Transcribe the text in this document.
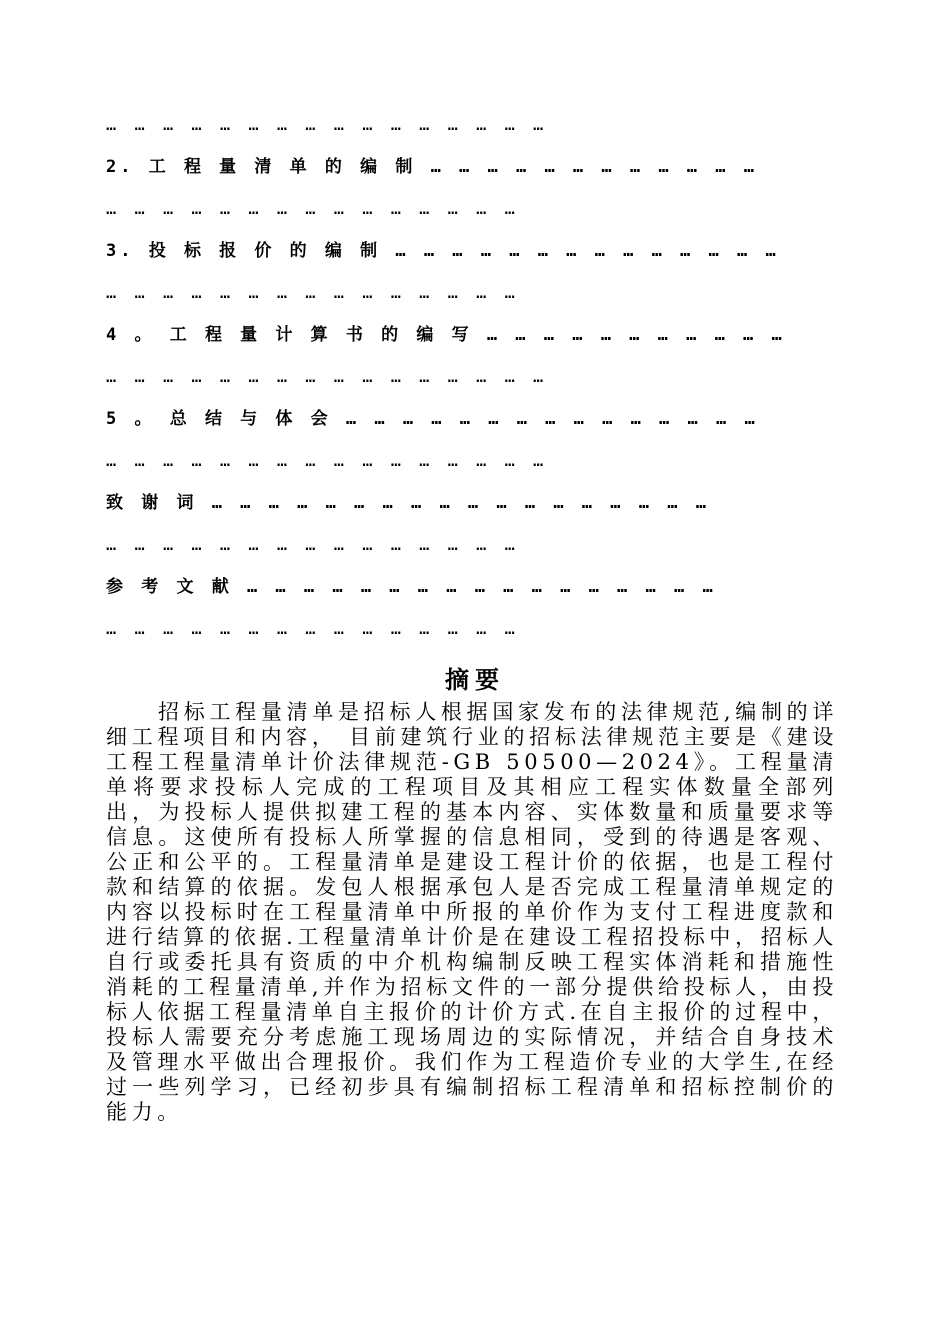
… … … … … … … … … … … … … … … …
2. 工 程 量 清 单 的 编 制 … … … … … … … … … … … …
… … … … … … … … … … … … … … …
3. 投 标 报 价 的 编 制 … … … … … … … … … … … … … …
… … … … … … … … … … … … … … …
4 。 工 程 量 计 算 书 的 编 写 … … … … … … … … … … …
… … … … … … … … … … … … … … … …
5 。 总 结 与 体 会 … … … … … … … … … … … … … … …
… … … … … … … … … … … … … … … …
致 谢 词 … … … … … … … … … … … … … … … … … …
… … … … … … … … … … … … … … …
参 考 文 献 … … … … … … … … … … … … … … … … …
… … … … … … … … … … … … … … …
摘要
招标工程量清单是招标人根据国家发布的法律规范,编制的详细工程项目和内容， 目前建筑行业的招标法律规范主要是《建设工程工程量清单计价法律规范-GB 50500—2024》。工程量清单将要求投标人完成的工程项目及其相应工程实体数量全部列出，为投标人提供拟建工程的基本内容、实体数量和质量要求等信息。这使所有投标人所掌握的信息相同，受到的待遇是客观、公正和公平的。工程量清单是建设工程计价的依据，也是工程付款和结算的依据。发包人根据承包人是否完成工程量清单规定的内容以投标时在工程量清单中所报的单价作为支付工程进度款和进行结算的依据.工程量清单计价是在建设工程招投标中，招标人自行或委托具有资质的中介机构编制反映工程实体消耗和措施性消耗的工程量清单,并作为招标文件的一部分提供给投标人，由投标人依据工程量清单自主报价的计价方式.在自主报价的过程中，投标人需要充分考虑施工现场周边的实际情况，并结合自身技术及管理水平做出合理报价。我们作为工程造价专业的大学生,在经过一些列学习，已经初步具有编制招标工程清单和招标控制价的能力。
